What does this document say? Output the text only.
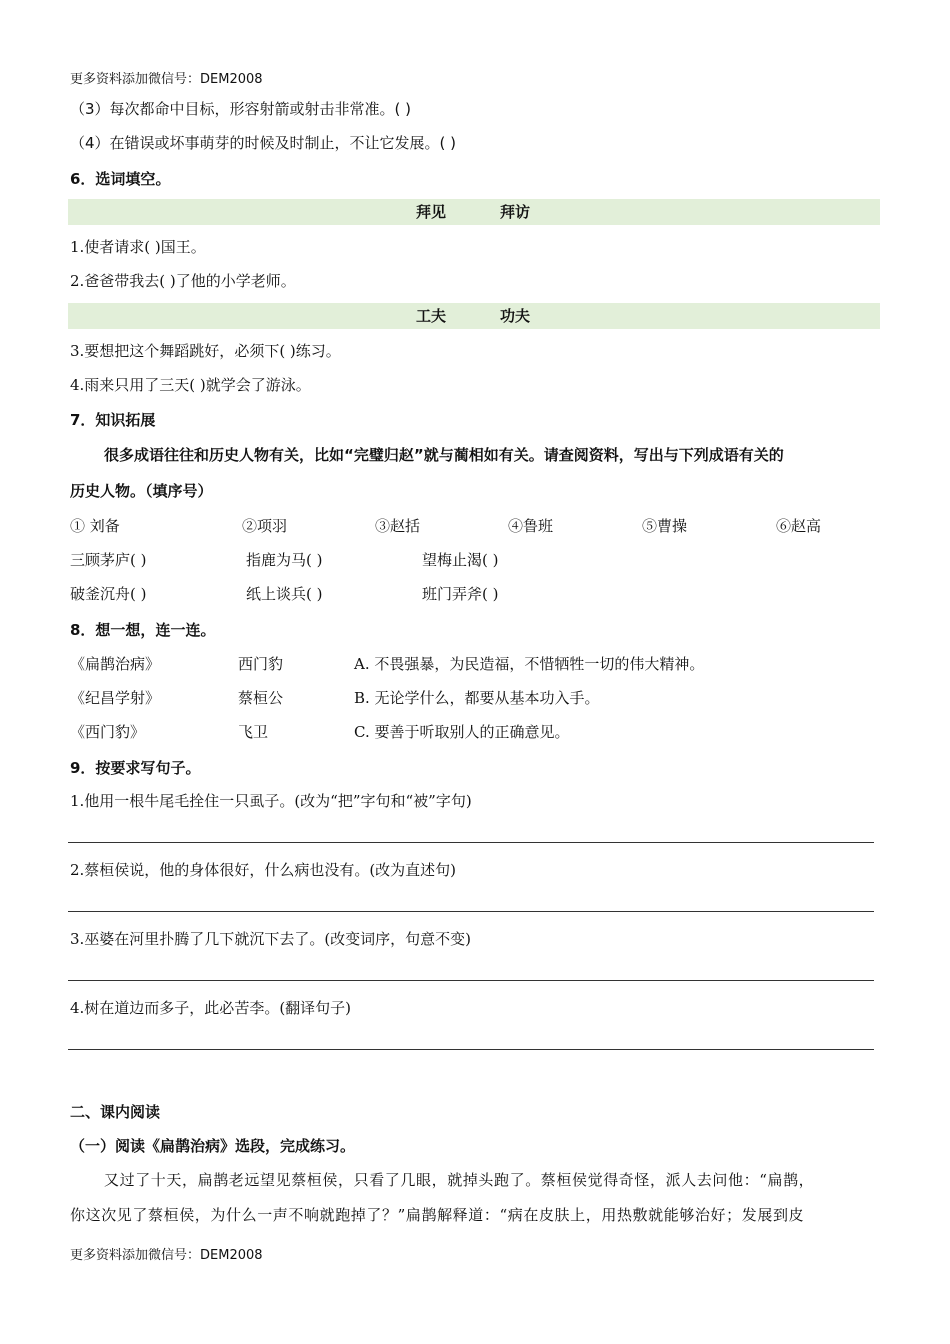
更多资料添加微信号：DEM2008
（3）每次都命中目标，形容射箭或射击非常准。( )
（4）在错误或坏事萌芽的时候及时制止，不让它发展。( )
6．选词填空。
拜见	拜访
1.使者请求( )国王。
2.爸爸带我去( )了他的小学老师。
工夫	功夫
3.要想把这个舞蹈跳好，必须下( )练习。
4.雨来只用了三天( )就学会了游泳。
7．知识拓展
很多成语往往和历史人物有关，比如“完璧归赵”就与蔺相如有关。请查阅资料，写出与下列成语有关的
历史人物。（填序号）
① 刘备	②项羽	③赵括	④鲁班	⑤曹操	⑥赵高
三顾茅庐( )	指鹿为马( )	望梅止渴( )
破釜沉舟( )	纸上谈兵( )	班门弄斧( )
8．想一想，连一连。
《扁鹊治病》	西门豹	A. 不畏强暴，为民造福，不惜牺牲一切的伟大精神。
《纪昌学射》	蔡桓公	B. 无论学什么，都要从基本功入手。
《西门豹》	飞卫	C. 要善于听取别人的正确意见。
9．按要求写句子。
1.他用一根牛尾毛拴住一只虱子。(改为“把”字句和“被”字句)
2.蔡桓侯说，他的身体很好，什么病也没有。(改为直述句)
3.巫婆在河里扑腾了几下就沉下去了。(改变词序，句意不变)
4.树在道边而多子，此必苦李。(翻译句子)
二、课内阅读
（一）阅读《扁鹊治病》选段，完成练习。
又过了十天，扁鹊老远望见蔡桓侯，只看了几眼，就掉头跑了。蔡桓侯觉得奇怪，派人去问他：“扁鹊，
你这次见了蔡桓侯，为什么一声不响就跑掉了？”扁鹊解释道：“病在皮肤上，用热敷就能够治好；发展到皮
更多资料添加微信号：DEM2008
